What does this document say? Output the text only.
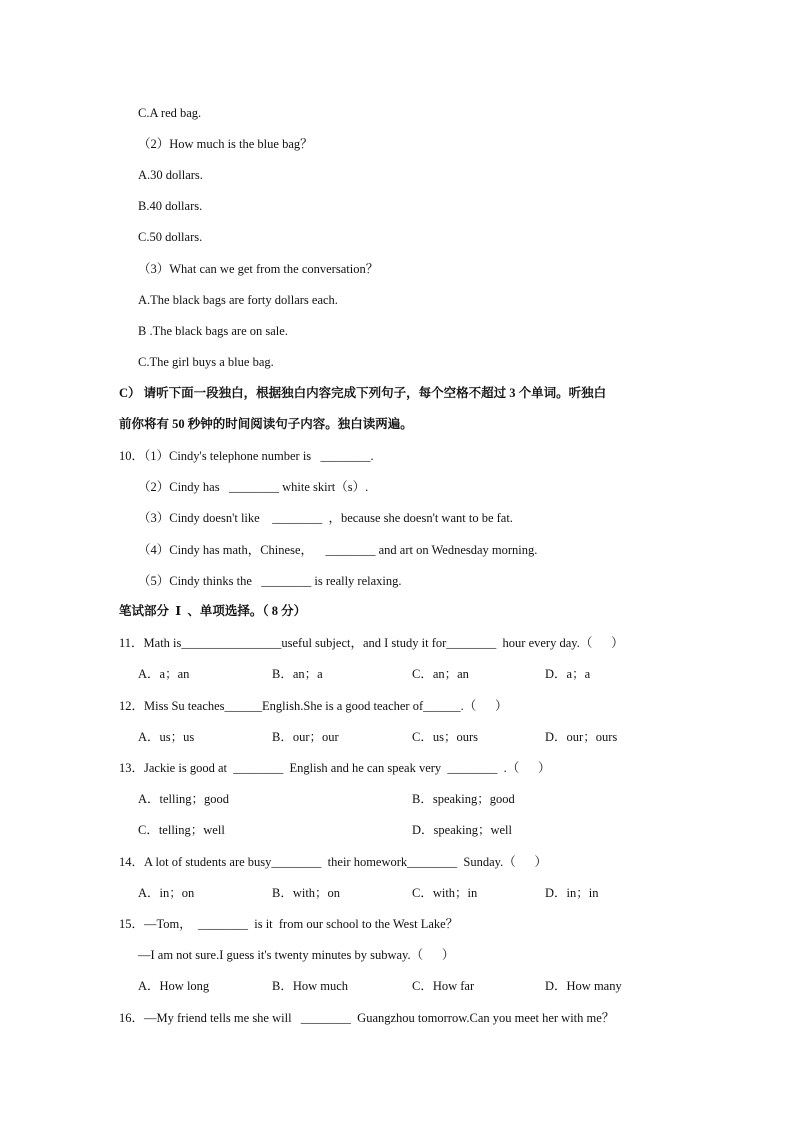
C.A red bag.
（2）How much is the blue bag？
A.30 dollars.
B.40 dollars.
C.50 dollars.
（3）What can we get from the conversation？
A.The black bags are forty dollars each.
B .The black bags are on sale.
C.The girl buys a blue bag.
C） 请听下面一段独白，根据独白内容完成下列句子，每个空格不超过 3 个单词。听独白
前你将有 50 秒钟的时间阅读句子内容。独白读两遍。
10．（1）Cindy's telephone number is   ________.
（2）Cindy has   ________ white skirt（s）.
（3）Cindy doesn't like    ________  ，because she doesn't want to be fat.
（4）Cindy has math，Chinese，    ________ and art on Wednesday morning.
（5）Cindy thinks the   ________ is really relaxing.
笔试部分  Ⅰ  、单项选择。（ 8 分）
11．Math is________________useful subject，and I study it for________  hour every day.（      ）
A．a；an	B．an；a	C．an；an	D．a；a
12．Miss Su teaches______English.She is a good teacher of______.（      ）
A．us；us	B．our；our	C．us；ours	D．our；ours
13．Jackie is good at  ________  English and he can speak very  ________  .（      ）
A．telling；good	B．speaking；good
C．telling；well	D．speaking；well
14．A lot of students are busy________  their homework________  Sunday.（      ）
A．in；on	B．with；on	C．with；in	D．in；in
15．—Tom，  ________  is it  from our school to the West Lake？
—I am not sure.I guess it's twenty minutes by subway.（      ）
A．How long	B．How much	C．How far	D．How many
16．—My friend tells me she will   ________  Guangzhou tomorrow.Can you meet her with me？
